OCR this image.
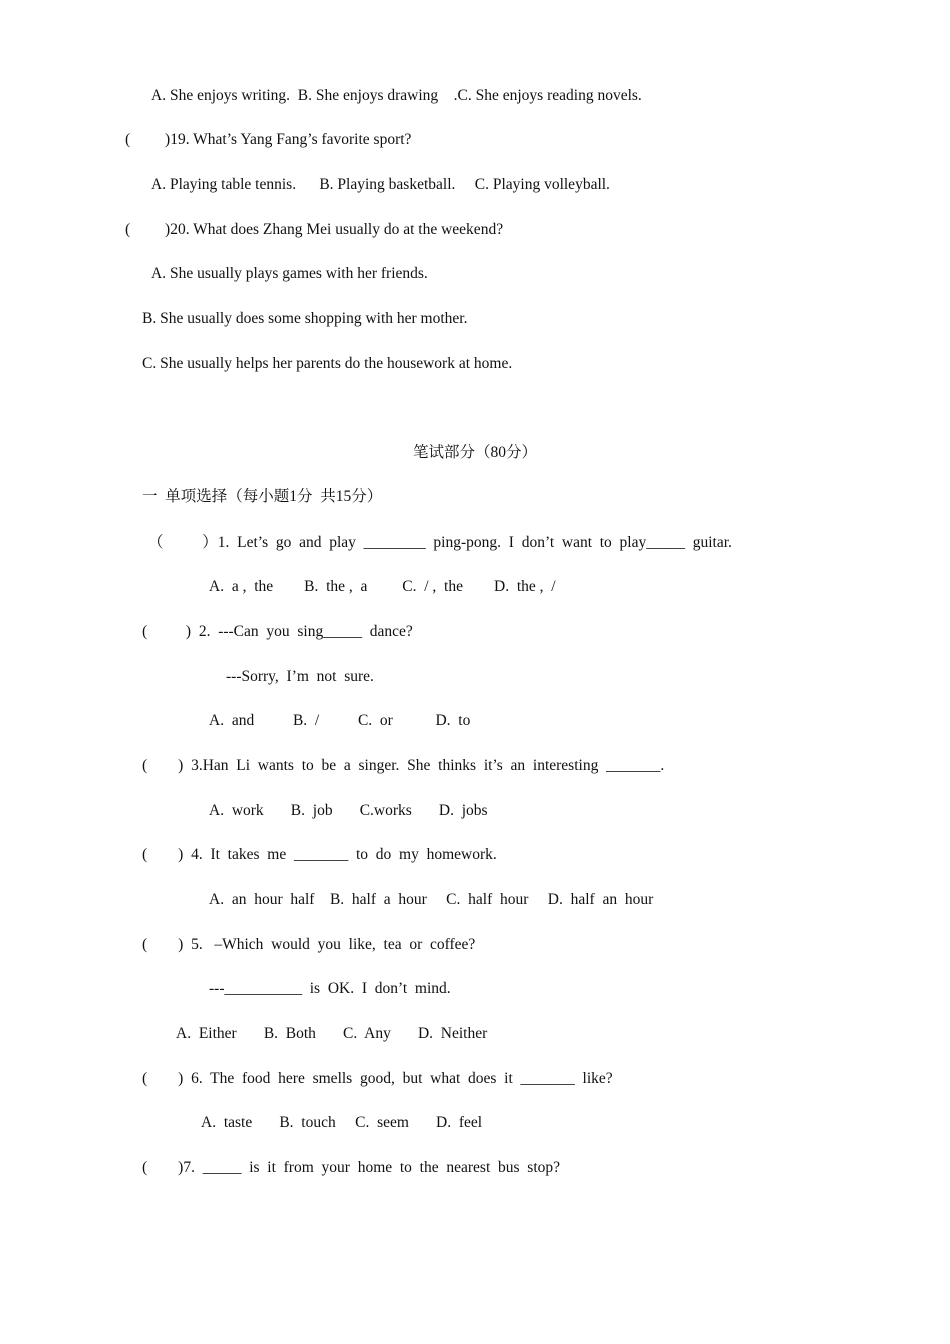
A. She enjoys writing.  B. She enjoys drawing    .C. She enjoys reading novels.
(         )19. What’s Yang Fang’s favorite sport?
A. Playing table tennis.      B. Playing basketball.     C. Playing volleyball.
(         )20. What does Zhang Mei usually do at the weekend?
A. She usually plays games with her friends.
B. She usually does some shopping with her mother.
C. She usually helps her parents do the housework at home.
笔试部分（80分）
一  单项选择（每小题1分  共15分）
（          ）1.  Let’s  go  and  play  ________  ping-pong.  I  don’t  want  to  play_____  guitar.
A.  a ,  the        B.  the ,  a         C.  / ,  the        D.  the ,  /
(          )  2.  ---Can  you  sing_____  dance?
---Sorry,  I’m  not  sure.
A.  and          B.  /          C.  or           D.  to
(        )  3.Han  Li  wants  to  be  a  singer.  She  thinks  it’s  an  interesting  _______.
A.  work       B.  job       C.works       D.  jobs
(        )  4.  It  takes  me  _______  to  do  my  homework.
A.  an  hour  half    B.  half  a  hour     C.  half  hour     D.  half  an  hour
(        )  5.   –Which  would  you  like,  tea  or  coffee?
---__________  is  OK.  I  don’t  mind.
A.  Either       B.  Both       C.  Any       D.  Neither
(        )  6.  The  food  here  smells  good,  but  what  does  it  _______  like?
A.  taste       B.  touch     C.  seem       D.  feel
(        )7.  _____  is  it  from  your  home  to  the  nearest  bus  stop?
